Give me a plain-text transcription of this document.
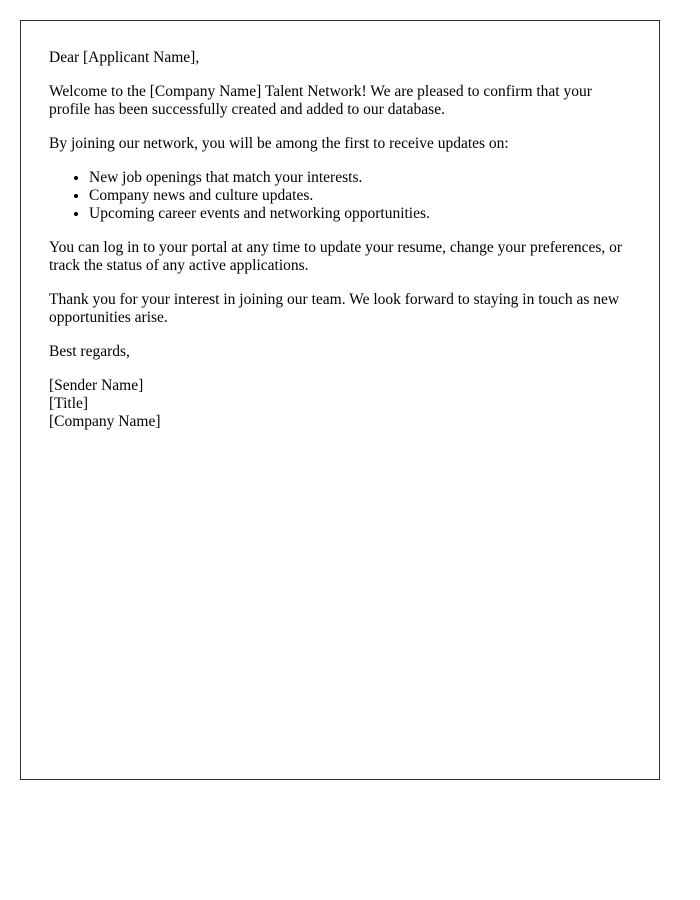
Dear [Applicant Name],

Welcome to the [Company Name] Talent Network! We are pleased to confirm that your profile has been successfully created and added to our database.

By joining our network, you will be among the first to receive updates on:

• New job openings that match your interests.
• Company news and culture updates.
• Upcoming career events and networking opportunities.

You can log in to your portal at any time to update your resume, change your preferences, or track the status of any active applications.

Thank you for your interest in joining our team. We look forward to staying in touch as new opportunities arise.

Best regards,

[Sender Name]
[Title]
[Company Name]
